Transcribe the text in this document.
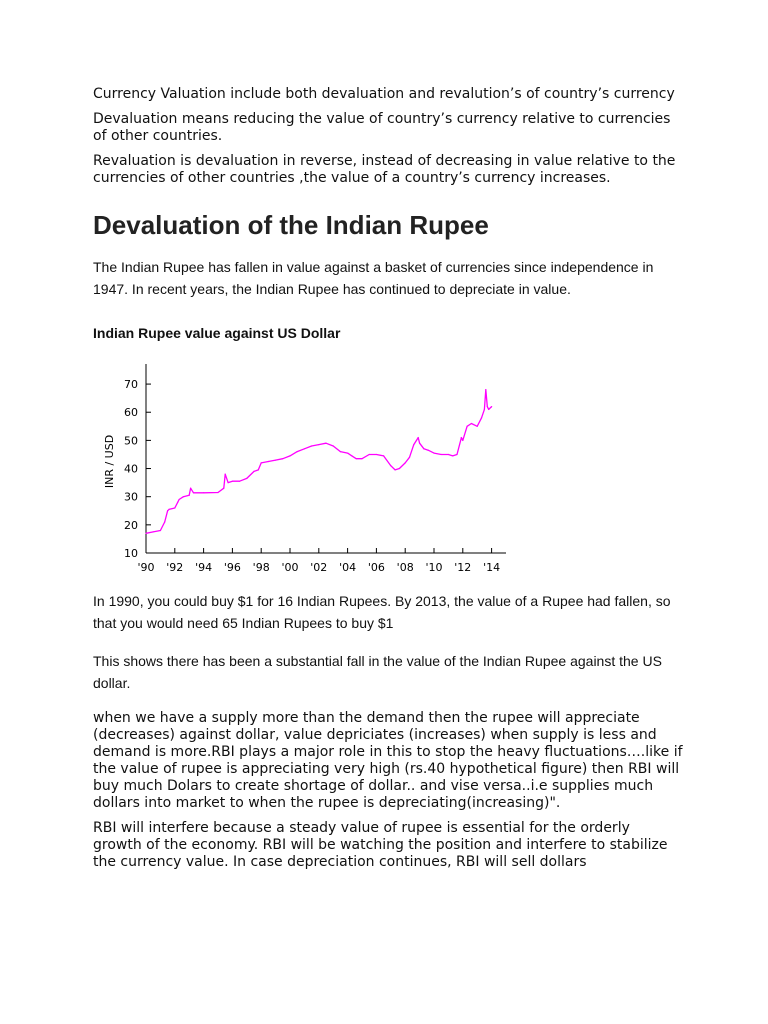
Currency Valuation include both devaluation and revalution’s of country’s currency

Devaluation means reducing the value of country’s currency relative to currencies of other countries.

Revaluation is devaluation in reverse, instead of decreasing in value relative to the currencies of other countries ,the value of a country’s currency increases.

Devaluation of the Indian Rupee

The Indian Rupee has fallen in value against a basket of currencies since independence in 1947. In recent years, the Indian Rupee has continued to depreciate in value.

Indian Rupee value against US Dollar

10
20
30
40
50
60
70
'90 '92 '94 '96 '98 '00 '02 '04 '06 '08 '10 '12 '14
INR / USD

In 1990, you could buy $1 for 16 Indian Rupees. By 2013, the value of a Rupee had fallen, so that you would need 65 Indian Rupees to buy $1

This shows there has been a substantial fall in the value of the Indian Rupee against the US dollar.

when we have a supply more than the demand then the rupee will appreciate (decreases) against dollar, value depriciates (increases) when supply is less and demand is more.RBI plays a major role in this to stop the heavy fluctuations….like if the value of rupee is appreciating very high (rs.40 hypothetical figure) then RBI will buy much Dolars to create shortage of dollar.. and vise versa..i.e supplies much dollars into market to when the rupee is depreciating(increasing)".

RBI will interfere because a steady value of rupee is essential for the orderly growth of the economy. RBI will be watching the position and interfere to stabilize the currency value. In case depreciation continues, RBI will sell dollars
